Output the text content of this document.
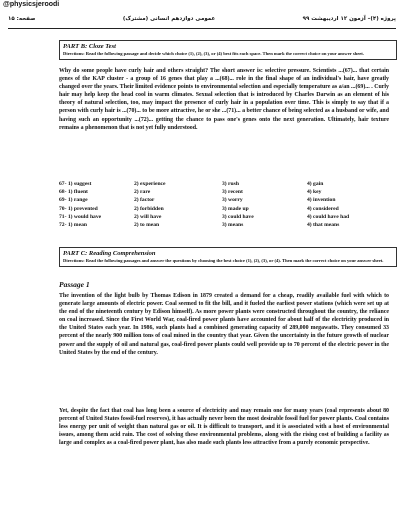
@physicsjeroodi
پروژه (۴)– آزمون ۱۲ اردیبهشت ۹۹
عمومی دوازدهم انسانی (مشترک)
صفحه: ۱۵
PART B: Cloze Test
Directions: Read the following passage and decide which choice (1), (2), (3), or (4) best fits each space. Then mark the correct choice on your answer sheet.

Why do some people have curly hair and others straight? The short answer is: selective pressure. Scientists ...(67)... that certain genes of the KAP cluster - a group of 16 genes that play a ...(68)... role in the final shape of an individual's hair, have greatly changed over the years. Their limited evidence points to environmental selection and especially temperature as a/an ...(69)... . Curly hair may help keep the head cool in warm climates. Sexual selection that is introduced by Charles Darwin as an element of his theory of natural selection, too, may impact the presence of curly hair in a population over time. This is simply to say that if a person with curly hair is ...(70)... to be more attractive, he or she ...(71)... a better chance of being selected as a husband or wife, and having such an opportunity ...(72)... getting the chance to pass one's genes onto the next generation. Ultimately, hair texture remains a phenomenon that is not yet fully understood.

67- 1) suggest	2) experience	3) rush	4) gain
68- 1) fluent	2) rare	3) recent	4) key
69- 1) range	2) factor	3) worry	4) invention
70- 1) prevented	2) forbidden	3) made up	4) considered
71- 1) would have	2) will have	3) could have	4) could have had
72- 1) mean	2) to mean	3) means	4) that means
PART C: Reading Comprehension
Directions: Read the following passages and answer the questions by choosing the best choice (1), (2), (3), or (4). Then mark the correct choice on your answer sheet.
Passage 1

The invention of the light bulb by Thomas Edison in 1879 created a demand for a cheap, readily available fuel with which to generate large amounts of electric power. Coal seemed to fit the bill, and it fueled the earliest power stations (which were set up at the end of the nineteenth century by Edison himself). As more power plants were constructed throughout the country, the reliance on coal increased. Since the First World War, coal-fired power plants have accounted for about half of the electricity produced in the United States each year. In 1986, such plants had a combined generating capacity of 289,000 megawatts. They consumed 33 percent of the nearly 900 million tons of coal mined in the country that year. Given the uncertainty in the future growth of nuclear power and the supply of oil and natural gas, coal-fired power plants could well provide up to 70 percent of the electric power in the United States by the end of the century.

Yet, despite the fact that coal has long been a source of electricity and may remain one for many years (coal represents about 80 percent of United States fossil-fuel reserves), it has actually never been the most desirable fossil fuel for power plants. Coal contains less energy per unit of weight than natural gas or oil. It is difficult to transport, and it is associated with a host of environmental issues, among them acid rain. The cost of solving these environmental problems, along with the rising cost of building a facility as large and complex as a coal-fired power plant, has also made such plants less attractive from a purely economic perspective.
